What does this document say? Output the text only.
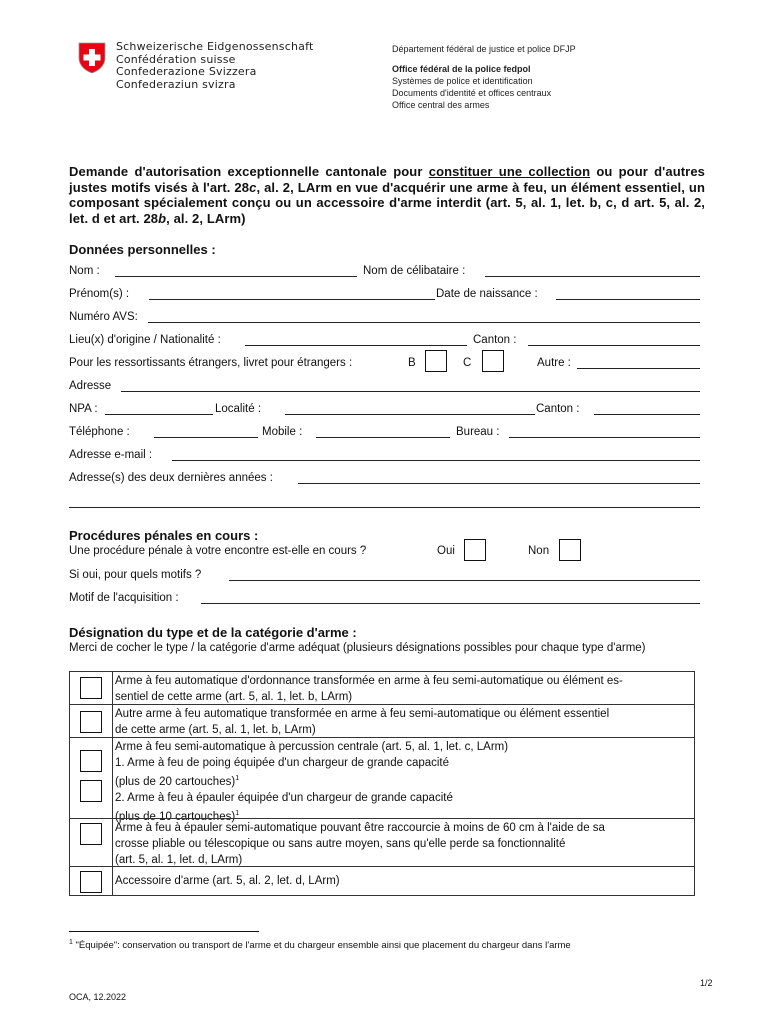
Schweizerische Eidgenossenschaft
Confédération suisse
Confederazione Svizzera
Confederaziun svizra
Département fédéral de justice et police DFJP
Office fédéral de la police fedpol
Systèmes de police et identification
Documents d'identité et offices centraux
Office central des armes
Demande d'autorisation exceptionnelle cantonale pour constituer une collection ou pour d'autres justes motifs visés à l'art. 28c, al. 2, LArm en vue d'acquérir une arme à feu, un élément essentiel, un composant spécialement conçu ou un accessoire d'arme interdit (art. 5, al. 1, let. b, c, d art. 5, al. 2, let. d et art. 28b, al. 2, LArm)
Données personnelles :
Nom :	Nom de célibataire :
Prénom(s) :	Date de naissance :
Numéro AVS:
Lieu(x) d'origine / Nationalité :	Canton :
Pour les ressortissants étrangers, livret pour étrangers :	B	C	Autre :
Adresse
NPA :	Localité :	Canton :
Téléphone :	Mobile :	Bureau :
Adresse e-mail :
Adresse(s) des deux dernières années :
Procédures pénales en cours :
Une procédure pénale à votre encontre est-elle en cours ?	Oui	Non
Si oui, pour quels motifs ?
Motif de l'acquisition :
Désignation du type et de la catégorie d'arme :
Merci de cocher le type / la catégorie d'arme adéquat (plusieurs désignations possibles pour chaque type d'arme)
Arme à feu automatique d'ordonnance transformée en arme à feu semi-automatique ou élément es-
sentiel de cette arme (art. 5, al. 1, let. b, LArm)
Autre arme à feu automatique transformée en arme à feu semi-automatique ou élément essentiel
de cette arme (art. 5, al. 1, let. b, LArm)
Arme à feu semi-automatique à percussion centrale (art. 5, al. 1, let. c, LArm)
1. Arme à feu de poing équipée d'un chargeur de grande capacité
(plus de 20 cartouches)$^1$
2. Arme à feu à épauler équipée d'un chargeur de grande capacité
(plus de 10 cartouches)$^1$
Arme à feu à épauler semi-automatique pouvant être raccourcie à moins de 60 cm à l'aide de sa
crosse pliable ou télescopique ou sans autre moyen, sans qu'elle perde sa fonctionnalité
(art. 5, al. 1, let. d, LArm)
Accessoire d'arme (art. 5, al. 2, let. d, LArm)
$^1$ "Équipée": conservation ou transport de l'arme et du chargeur ensemble ainsi que placement du chargeur dans l'arme
1/2
OCA, 12.2022
